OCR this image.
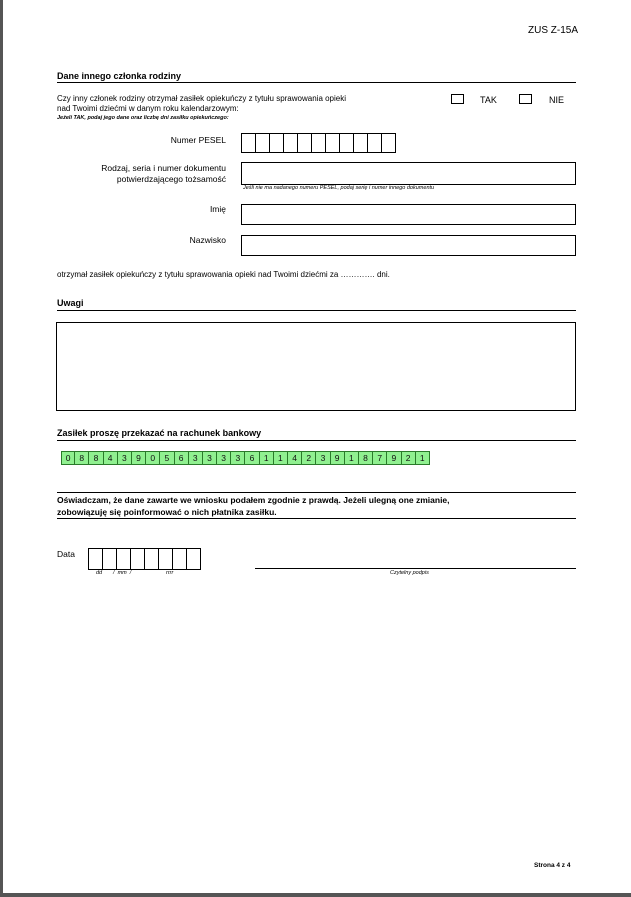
ZUS Z-15A
Dane innego członka rodziny
Czy inny członek rodziny otrzymał zasiłek opiekuńczy z tytułu sprawowania opieki
nad Twoimi dziećmi w danym roku kalendarzowym:
Jeżeli TAK, podaj jego dane oraz liczbę dni zasiłku opiekuńczego:
TAK	NIE
Numer PESEL
Rodzaj, seria i numer dokumentu
potwierdzającego tożsamość
Jeśli nie ma nadanego numeru PESEL, podaj serię i numer innego dokumentu
Imię
Nazwisko
otrzymał zasiłek opiekuńczy z tytułu sprawowania opieki nad Twoimi dziećmi za …………. dni.
Uwagi
Zasiłek proszę przekazać na rachunek bankowy
0	8	8	4	3	9	0	5	6	3	3	3	3	6	1	1	4	2	3	9	1	8	7	9	2	1
Oświadczam, że dane zawarte we wniosku podałem zgodnie z prawdą. Jeżeli ulegną one zmianie,
zobowiązuję się poinformować o nich płatnika zasiłku.
Data
dd /  mm  /	rrrr	Czytelny podpis
Strona 4 z 4
